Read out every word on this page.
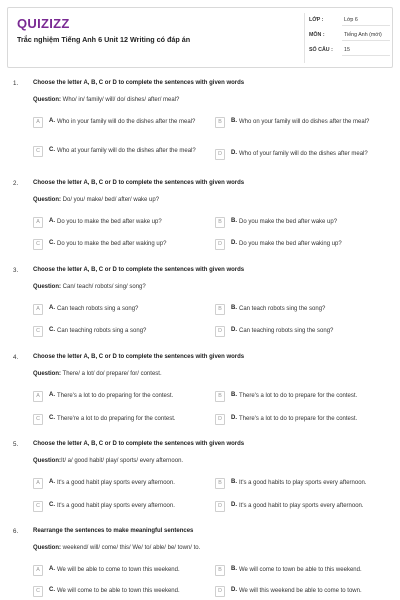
QUIZIZZ
Trắc nghiệm Tiếng Anh 6 Unit 12 Writing có đáp án
LỚP :	Lớp 6
MÔN :	Tiếng Anh (mới)
SỐ CÂU : 15
1. Choose the letter A, B, C or D to complete the sentences with given words
Question: Who/ in/ family/ will/ do/ dishes/ after/ meal?
A	A. Who in your family will do the dishes after the meal?	B	B. Who on your family will do dishes after the meal?
C	C. Who at your family will do the dishes after the meal?	D	D. Who of your family will do the dishes after meal?
2. Choose the letter A, B, C or D to complete the sentences with given words
Question: Do/ you/ make/ bed/ after/ wake up?
A	A. Do you to make the bed after wake up?	B	B. Do you make the bed after wake up?
C	C. Do you to make the bed after waking up?	D	D. Do you make the bed after waking up?
3. Choose the letter A, B, C or D to complete the sentences with given words
Question: Can/ teach/ robots/ sing/ song?
A	A. Can teach robots sing a song?	B	B. Can teach robots sing the song?
C	C. Can teaching robots sing a song?	D	D. Can teaching robots sing the song?
4. Choose the letter A, B, C or D to complete the sentences with given words
Question: There/ a lot/ do/ prepare/ for/ contest.
A	A. There's a lot to do preparing for the contest.	B	B. There's a lot to do to prepare for the contest.
C	C. There're a lot to do preparing for the contest.	D	D. There's a lot to do to prepare for the contest.
5. Choose the letter A, B, C or D to complete the sentences with given words
Question:It/ a/ good habit/ play/ sports/ every afternoon.
A	A. It's a good habit play sports every afternoon.	B	B. It's a good habits to play sports every afternoon.
C	C. It's a good habit play sports every afternoon.	D	D. It's a good habit to play sports every afternoon.
6. Rearrange the sentences to make meaningful sentences
Question: weekend/ will/ come/ this/ We/ to/ able/ be/ town/ to.
A	A. We will be able to come to town this weekend.	B	B. We will come to town be able to this weekend.
C	C. We will come to be able to town this weekend.	D	D. We will this weekend be able to come to town.
